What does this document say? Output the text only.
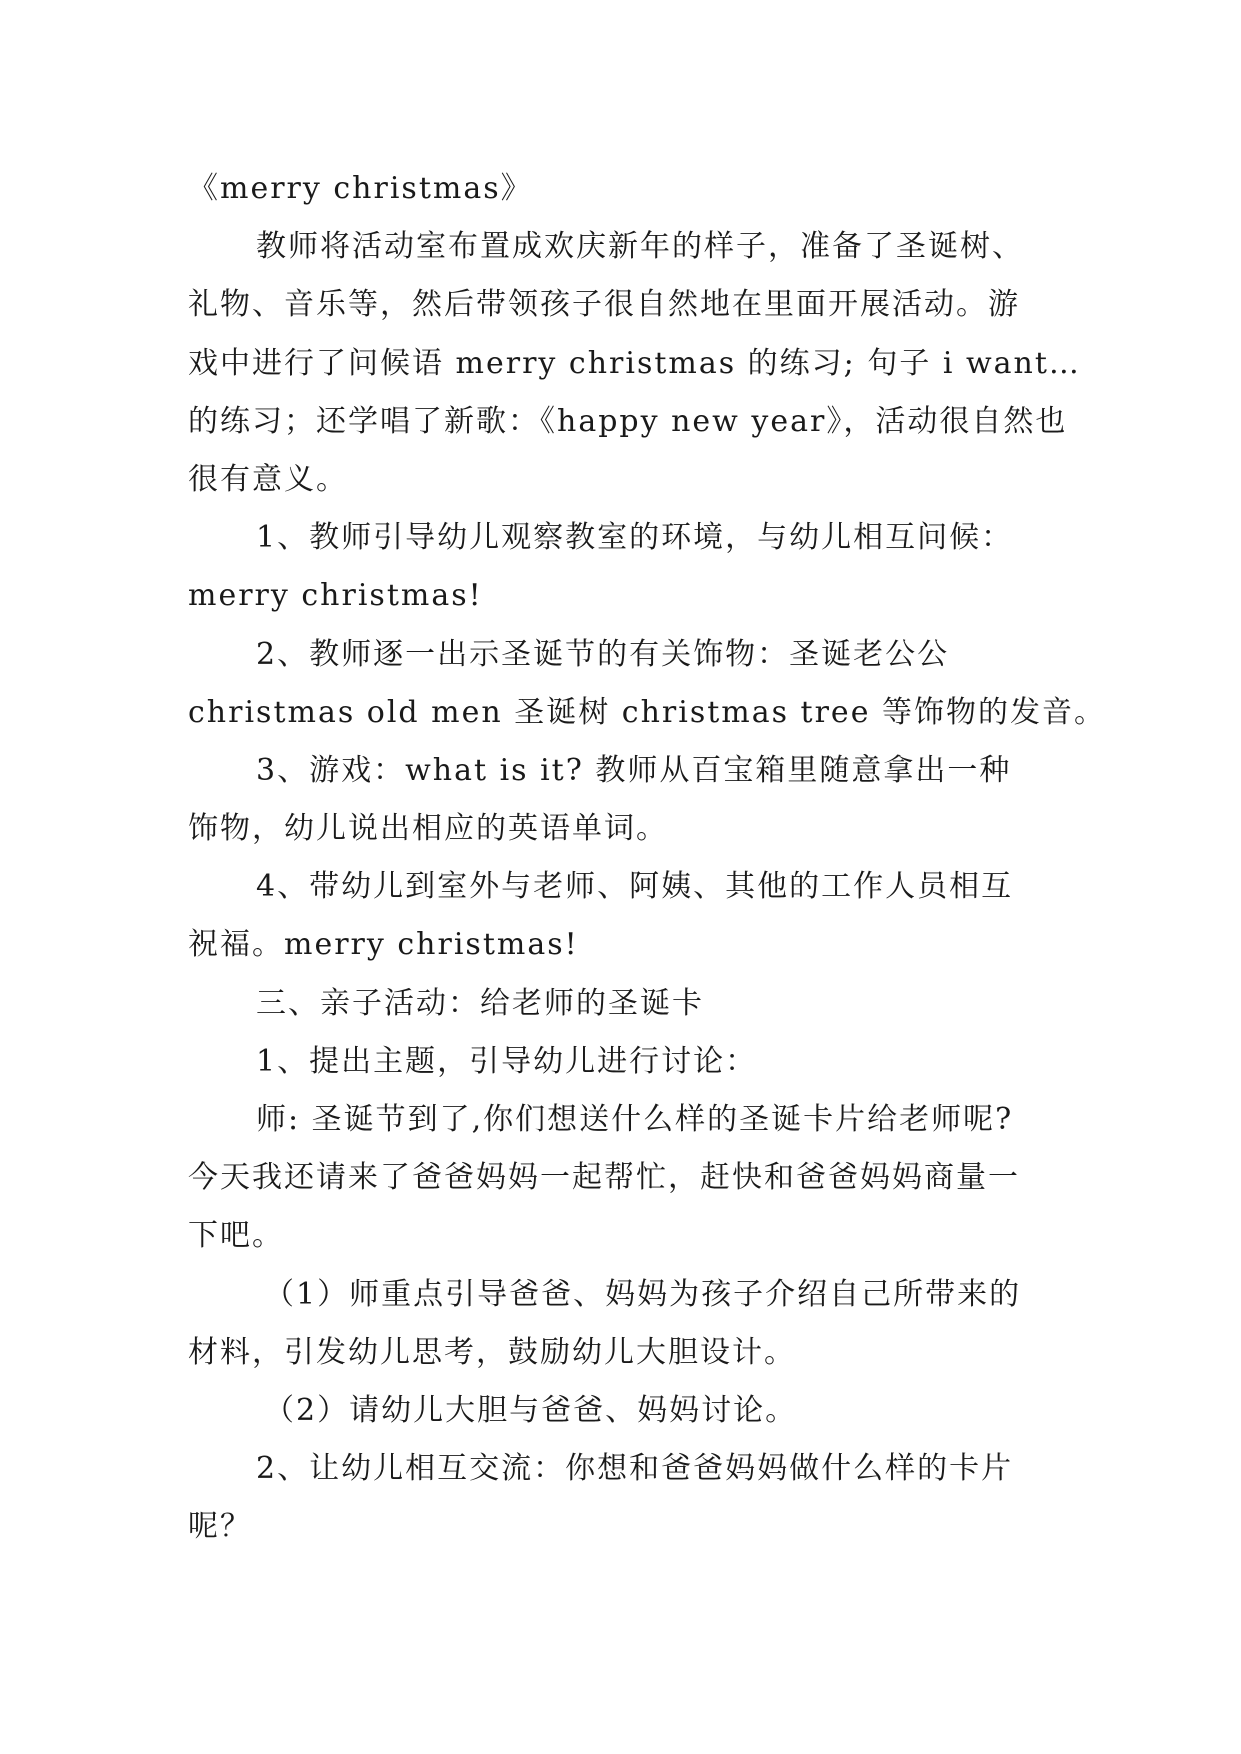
《merry christmas》
教师将活动室布置成欢庆新年的样子，准备了圣诞树、
礼物、音乐等，然后带领孩子很自然地在里面开展活动。游
戏中进行了问候语 merry christmas 的练习; 句子 i want…
的练习；还学唱了新歌：《happy new year》，活动很自然也
很有意义。
1、教师引导幼儿观察教室的环境，与幼儿相互问候：
merry christmas!
2、教师逐一出示圣诞节的有关饰物：圣诞老公公
christmas old men 圣诞树 christmas tree 等饰物的发音。
3、游戏：what is it? 教师从百宝箱里随意拿出一种
饰物，幼儿说出相应的英语单词。
4、带幼儿到室外与老师、阿姨、其他的工作人员相互
祝福。merry christmas!
三、亲子活动：给老师的圣诞卡
1、提出主题，引导幼儿进行讨论：
师: 圣诞节到了,你们想送什么样的圣诞卡片给老师呢?
今天我还请来了爸爸妈妈一起帮忙，赶快和爸爸妈妈商量一
下吧。
（1）师重点引导爸爸、妈妈为孩子介绍自己所带来的
材料，引发幼儿思考，鼓励幼儿大胆设计。
（2）请幼儿大胆与爸爸、妈妈讨论。
2、让幼儿相互交流：你想和爸爸妈妈做什么样的卡片
呢？
